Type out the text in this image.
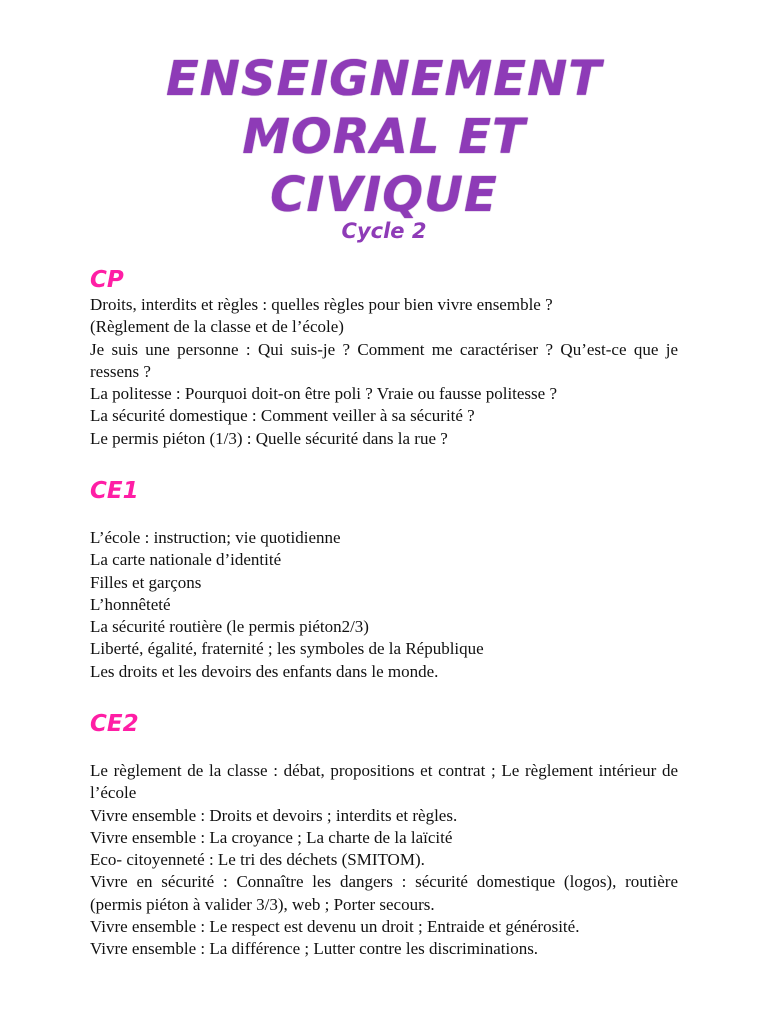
ENSEIGNEMENT
MORAL ET
CIVIQUE
Cycle 2
CP
Droits, interdits et règles : quelles règles pour bien vivre ensemble ?
(Règlement de la classe et de l’école)
Je suis une personne : Qui suis-je ? Comment me caractériser ? Qu’est-ce que je ressens ?
La politesse : Pourquoi doit-on être poli ? Vraie ou fausse politesse ?
La sécurité domestique : Comment veiller à sa sécurité ?
Le permis piéton (1/3) : Quelle sécurité dans la rue ?
CE1
L’école : instruction; vie quotidienne
La carte nationale d’identité
Filles et garçons
L’honnêteté
La sécurité routière (le permis piéton2/3)
Liberté, égalité, fraternité ; les symboles de la République
Les droits et les devoirs des enfants dans le monde.
CE2
Le règlement de la classe : débat, propositions et contrat ; Le règlement intérieur de l’école
Vivre ensemble : Droits et devoirs ; interdits et règles.
Vivre ensemble : La croyance ; La charte de la laïcité
Eco- citoyenneté : Le tri des déchets (SMITOM).
Vivre en sécurité : Connaître les dangers : sécurité domestique (logos), routière (permis piéton à valider 3/3), web ; Porter secours.
Vivre ensemble : Le respect est devenu un droit ; Entraide et générosité.
Vivre ensemble : La différence ; Lutter contre les discriminations.
